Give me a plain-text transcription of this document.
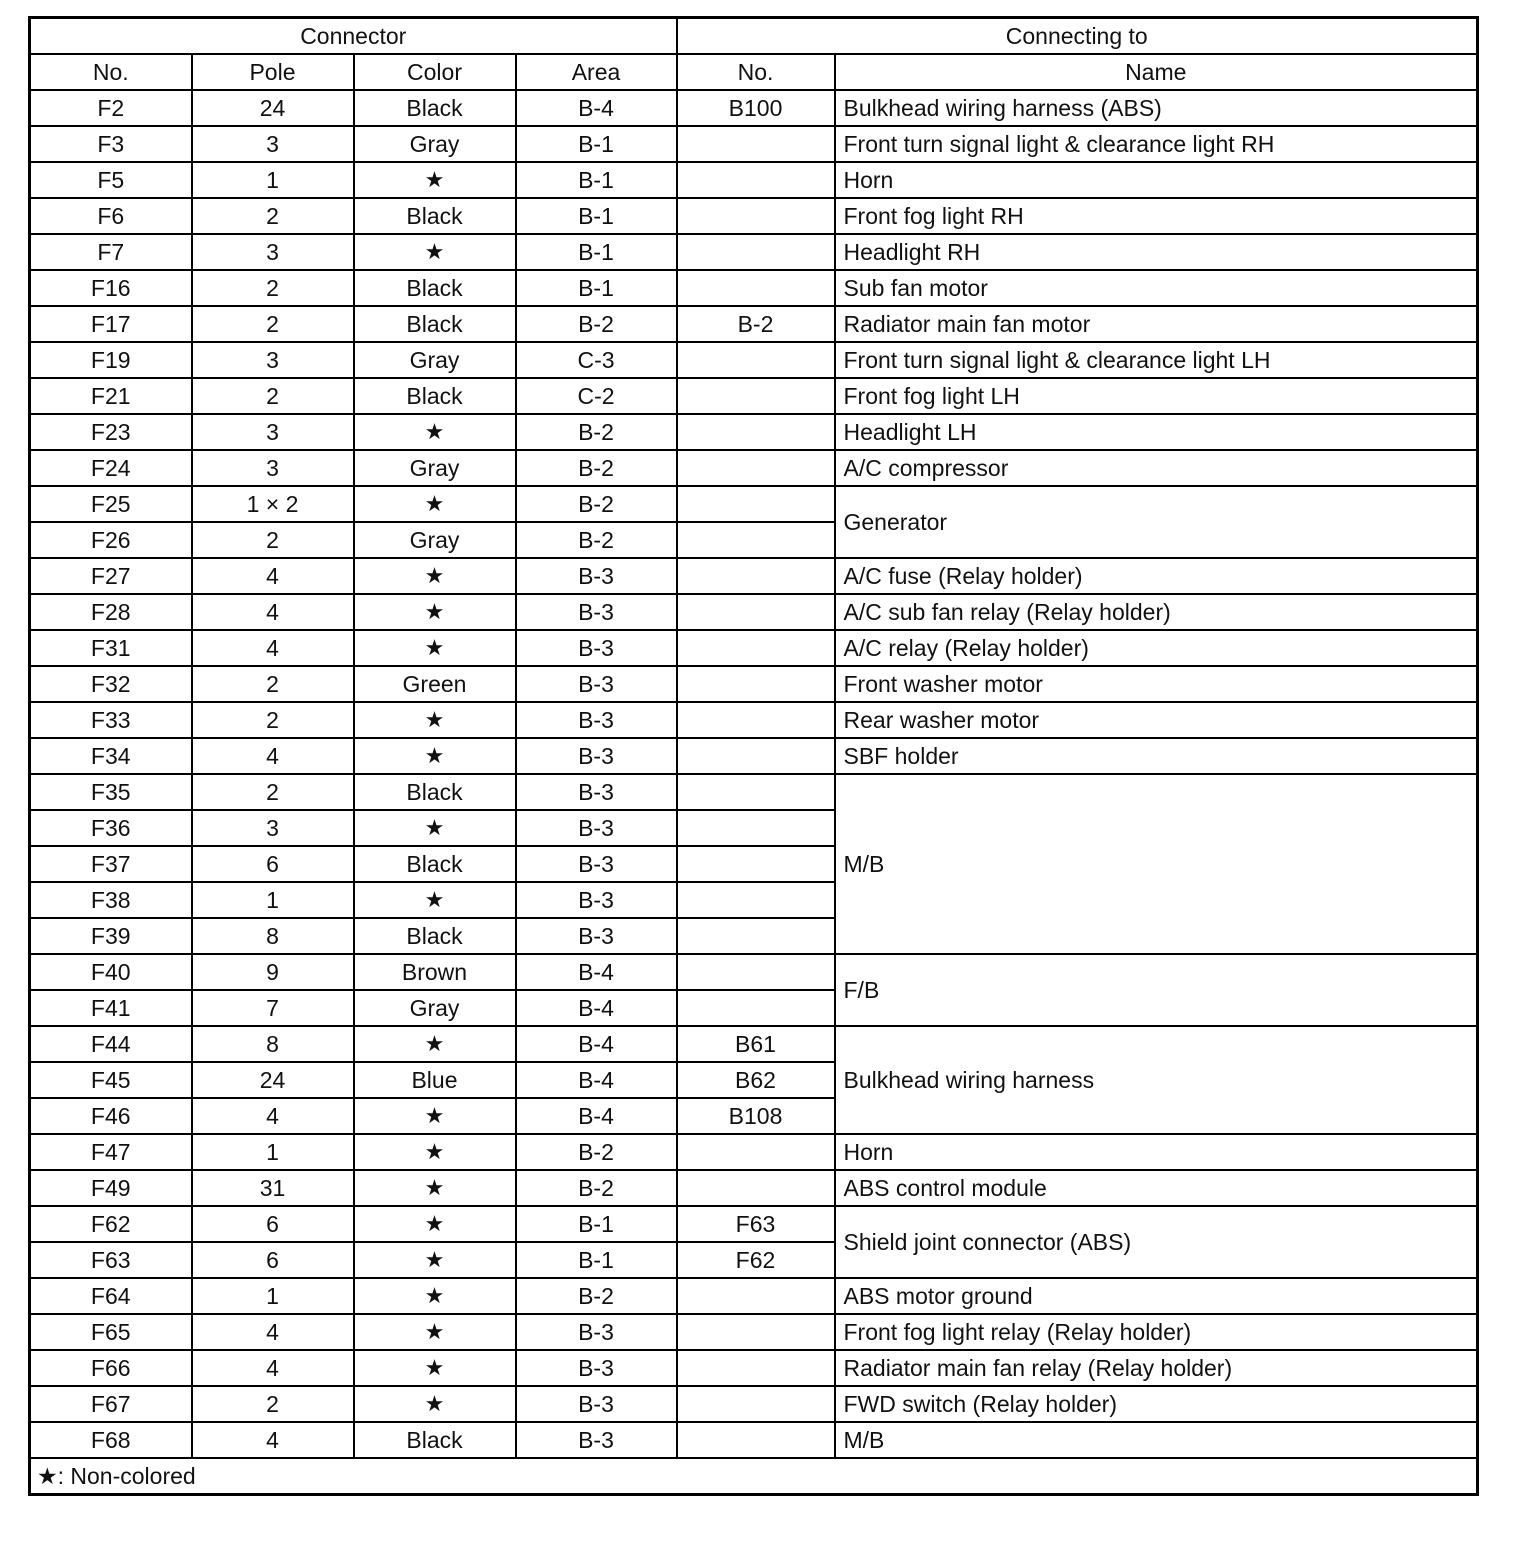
Connector				Connecting to	
No.	Pole	Color	Area	No.	Name
F2	24	Black	B-4	B100	Bulkhead wiring harness (ABS)
F3	3	Gray	B-1		Front turn signal light & clearance light RH
F5	1	★	B-1		Horn
F6	2	Black	B-1		Front fog light RH
F7	3	★	B-1		Headlight RH
F16	2	Black	B-1		Sub fan motor
F17	2	Black	B-2	B-2	Radiator main fan motor
F19	3	Gray	C-3		Front turn signal light & clearance light LH
F21	2	Black	C-2		Front fog light LH
F23	3	★	B-2		Headlight LH
F24	3	Gray	B-2		A/C compressor
F25	1 × 2	★	B-2		Generator
F26	2	Gray	B-2		
F27	4	★	B-3		A/C fuse (Relay holder)
F28	4	★	B-3		A/C sub fan relay (Relay holder)
F31	4	★	B-3		A/C relay (Relay holder)
F32	2	Green	B-3		Front washer motor
F33	2	★	B-3		Rear washer motor
F34	4	★	B-3		SBF holder
F35	2	Black	B-3		M/B
F36	3	★	B-3		
F37	6	Black	B-3		
F38	1	★	B-3		
F39	8	Black	B-3		
F40	9	Brown	B-4		F/B
F41	7	Gray	B-4		
F44	8	★	B-4	B61	Bulkhead wiring harness
F45	24	Blue	B-4	B62	
F46	4	★	B-4	B108	
F47	1	★	B-2		Horn
F49	31	★	B-2		ABS control module
F62	6	★	B-1	F63	Shield joint connector (ABS)
F63	6	★	B-1	F62	
F64	1	★	B-2		ABS motor ground
F65	4	★	B-3		Front fog light relay (Relay holder)
F66	4	★	B-3		Radiator main fan relay (Relay holder)
F67	2	★	B-3		FWD switch (Relay holder)
F68	4	Black	B-3		M/B
★: Non-colored					
